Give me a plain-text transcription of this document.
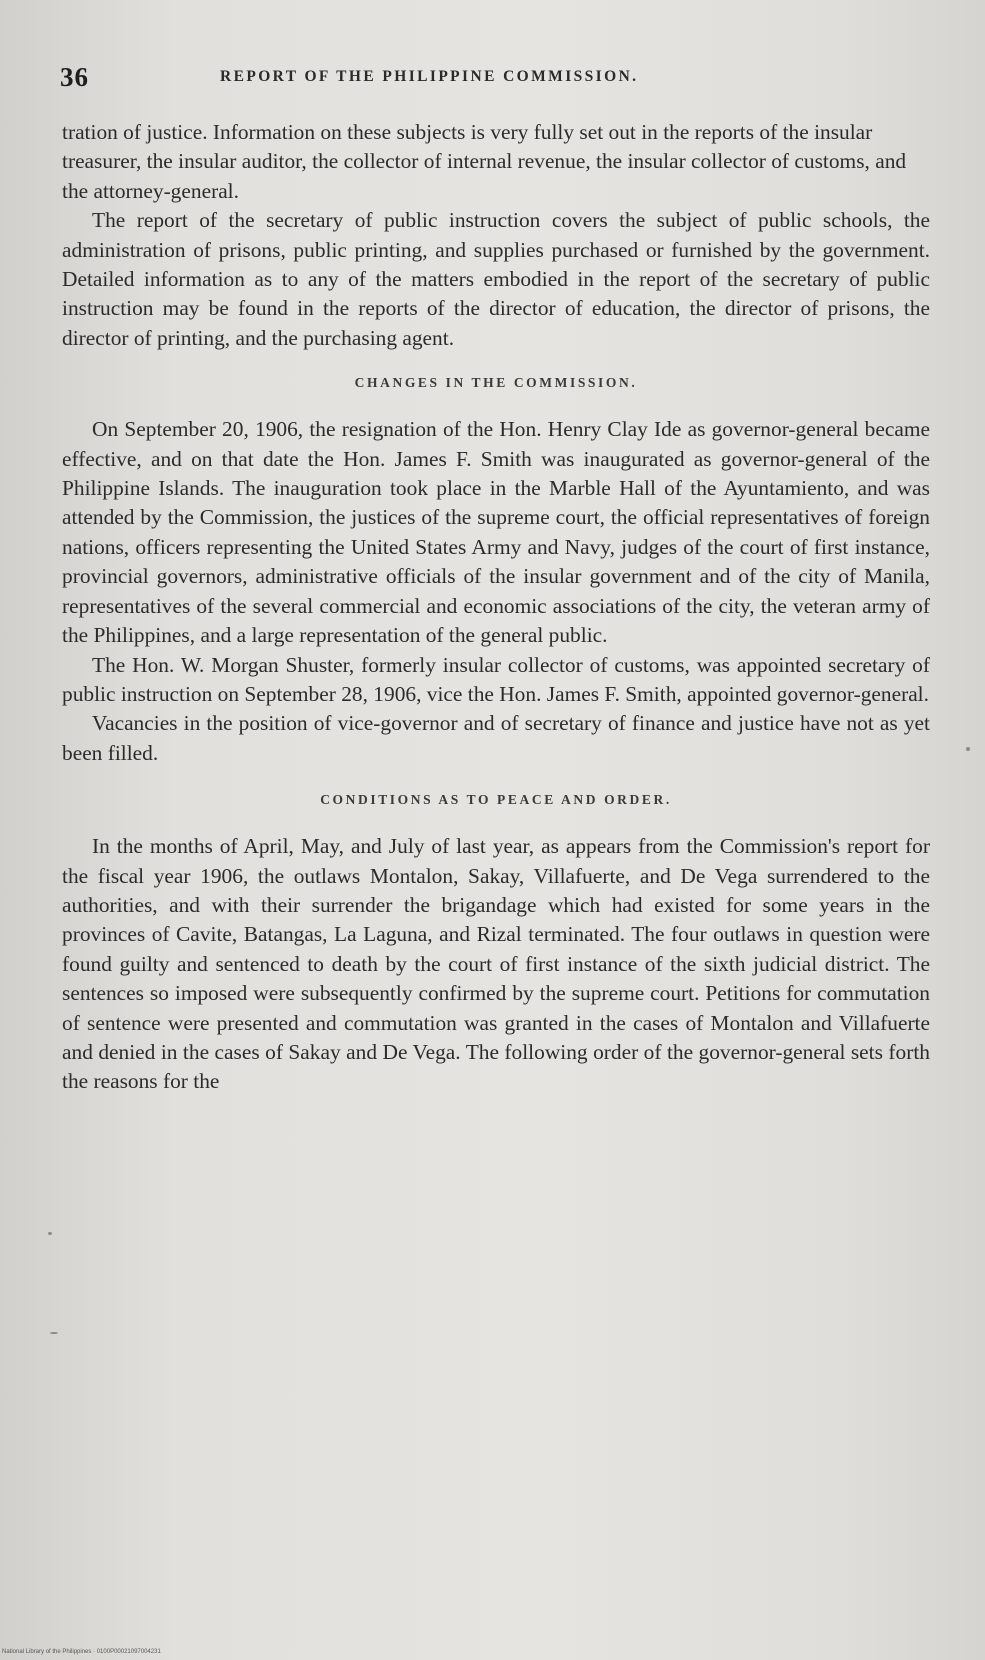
36	REPORT OF THE PHILIPPINE COMMISSION.

tration of justice. Information on these subjects is very fully set out in the reports of the insular treasurer, the insular auditor, the collector of internal revenue, the insular collector of customs, and the attorney-general.

The report of the secretary of public instruction covers the subject of public schools, the administration of prisons, public printing, and supplies purchased or furnished by the government. Detailed information as to any of the matters embodied in the report of the secretary of public instruction may be found in the reports of the director of education, the director of prisons, the director of printing, and the purchasing agent.

CHANGES IN THE COMMISSION.

On September 20, 1906, the resignation of the Hon. Henry Clay Ide as governor-general became effective, and on that date the Hon. James F. Smith was inaugurated as governor-general of the Philippine Islands. The inauguration took place in the Marble Hall of the Ayuntamiento, and was attended by the Commission, the justices of the supreme court, the official representatives of foreign nations, officers representing the United States Army and Navy, judges of the court of first instance, provincial governors, administrative officials of the insular government and of the city of Manila, representatives of the several commercial and economic associations of the city, the veteran army of the Philippines, and a large representation of the general public.

The Hon. W. Morgan Shuster, formerly insular collector of customs, was appointed secretary of public instruction on September 28, 1906, vice the Hon. James F. Smith, appointed governor-general.

Vacancies in the position of vice-governor and of secretary of finance and justice have not as yet been filled.

CONDITIONS AS TO PEACE AND ORDER.

In the months of April, May, and July of last year, as appears from the Commission's report for the fiscal year 1906, the outlaws Montalon, Sakay, Villafuerte, and De Vega surrendered to the authorities, and with their surrender the brigandage which had existed for some years in the provinces of Cavite, Batangas, La Laguna, and Rizal terminated. The four outlaws in question were found guilty and sentenced to death by the court of first instance of the sixth judicial district. The sentences so imposed were subsequently confirmed by the supreme court. Petitions for commutation of sentence were presented and commutation was granted in the cases of Montalon and Villafuerte and denied in the cases of Sakay and De Vega. The following order of the governor-general sets forth the reasons for the

National Library of the Philippines · 0100P00021097004231
